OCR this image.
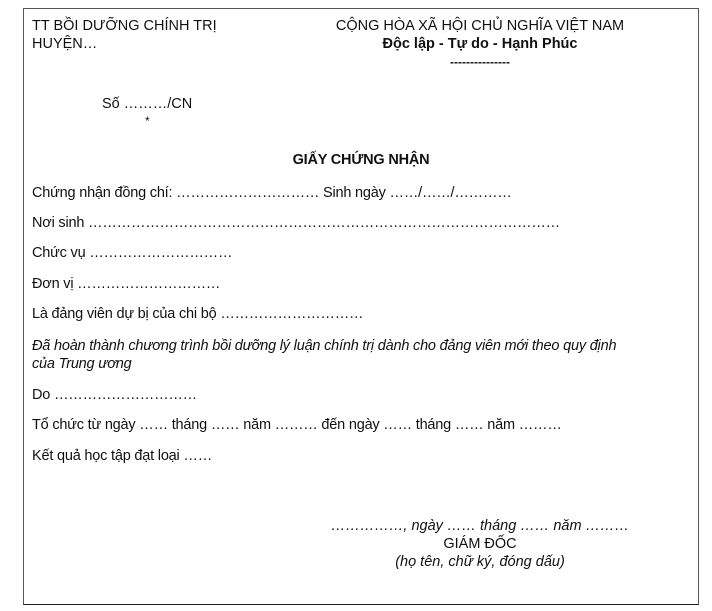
TT BỒI DƯỠNG CHÍNH TRỊ
HUYỆN…
Số ………/CN
*
CỘNG HÒA XÃ HỘI CHỦ NGHĨA VIỆT NAM
Độc lập - Tự do - Hạnh Phúc
---------------
GIẤY CHỨNG NHẬN
Chứng nhận đồng chí: ………………………… Sinh ngày ……/……/…………
Nơi sinh ………………………………………………………………………………………
Chức vụ …………………………
Đơn vị …………………………
Là đảng viên dự bị của chi bộ …………………………
Đã hoàn thành chương trình bồi dưỡng lý luận chính trị dành cho đảng viên mới theo quy định
của Trung ương
Do …………………………
Tổ chức từ ngày …… tháng …… năm ……… đến ngày …… tháng …… năm ………
Kết quả học tập đạt loại ……
……………, ngày …… tháng …… năm ………
GIÁM ĐỐC
(họ tên, chữ ký, đóng dấu)
